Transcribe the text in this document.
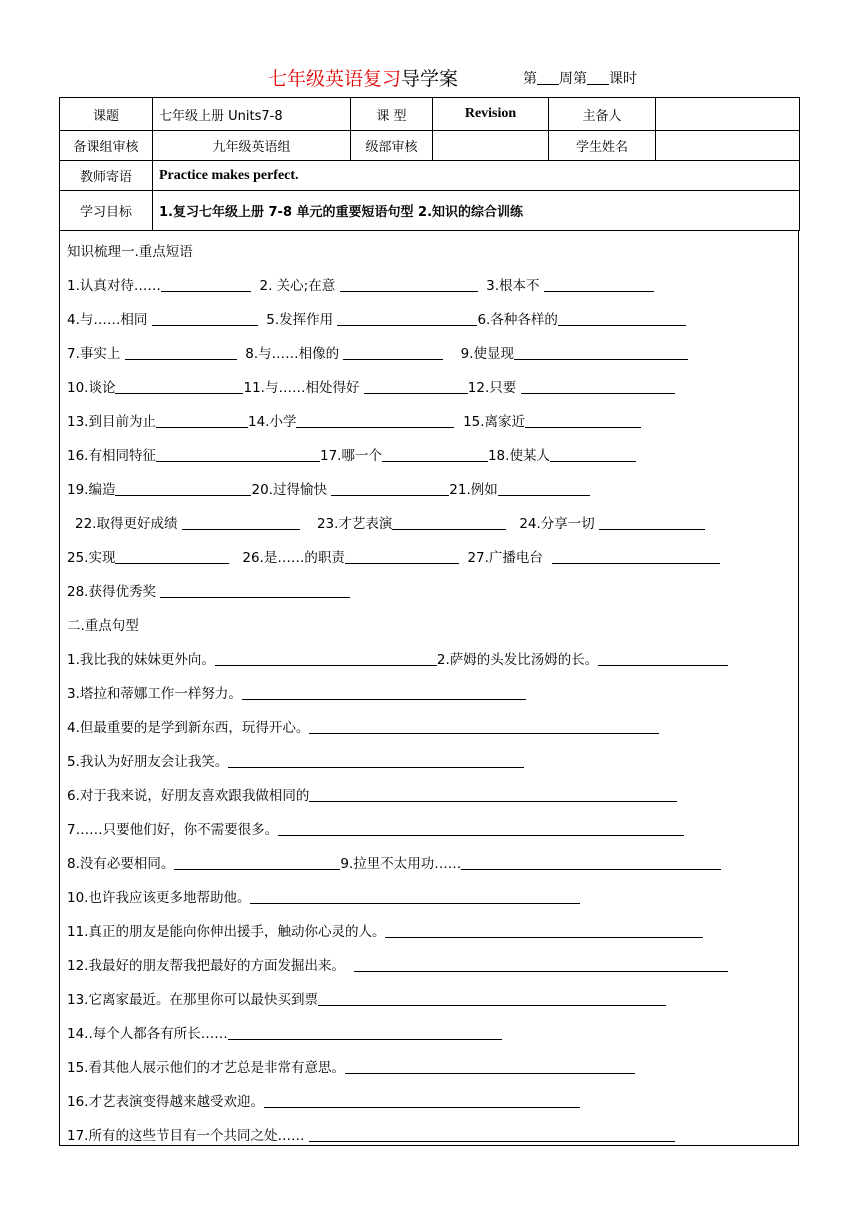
七年级英语复习导学案	第 周第 课时
课题	七年级上册 Units7-8	课 型	Revision	主备人	
备课组审核	九年级英语组	级部审核		学生姓名	
教师寄语	Practice makes perfect.				
学习目标	1.复习七年级上册 7-8 单元的重要短语句型 2.知识的综合训练				
知识梳理一.重点短语
1.认真对待……	2. 关心;在意	3.根本不
4.与……相同	5.发挥作用	6.各种各样的
7.事实上	8.与……相像的	9.使显现
10.谈论	11.与……相处得好	12.只要
13.到目前为止	14.小学	15.离家近
16.有相同特征	17.哪一个	18.使某人
19.编造	20.过得愉快	21.例如
22.取得更好成绩	23.才艺表演	24.分享一切
25.实现	26.是……的职责	27.广播电台
28.获得优秀奖
二.重点句型
1.我比我的妹妹更外向。	2.萨姆的头发比汤姆的长。
3.塔拉和蒂娜工作一样努力。
4.但最重要的是学到新东西，玩得开心。
5.我认为好朋友会让我笑。
6.对于我来说，好朋友喜欢跟我做相同的
7……只要他们好，你不需要很多。
8.没有必要相同。	9.拉里不太用功……
10.也许我应该更多地帮助他。
11.真正的朋友是能向你伸出援手，触动你心灵的人。
12.我最好的朋友帮我把最好的方面发掘出来。
13.它离家最近。在那里你可以最快买到票
14..每个人都各有所长……
15.看其他人展示他们的才艺总是非常有意思。
16.才艺表演变得越来越受欢迎。
17.所有的这些节目有一个共同之处……
